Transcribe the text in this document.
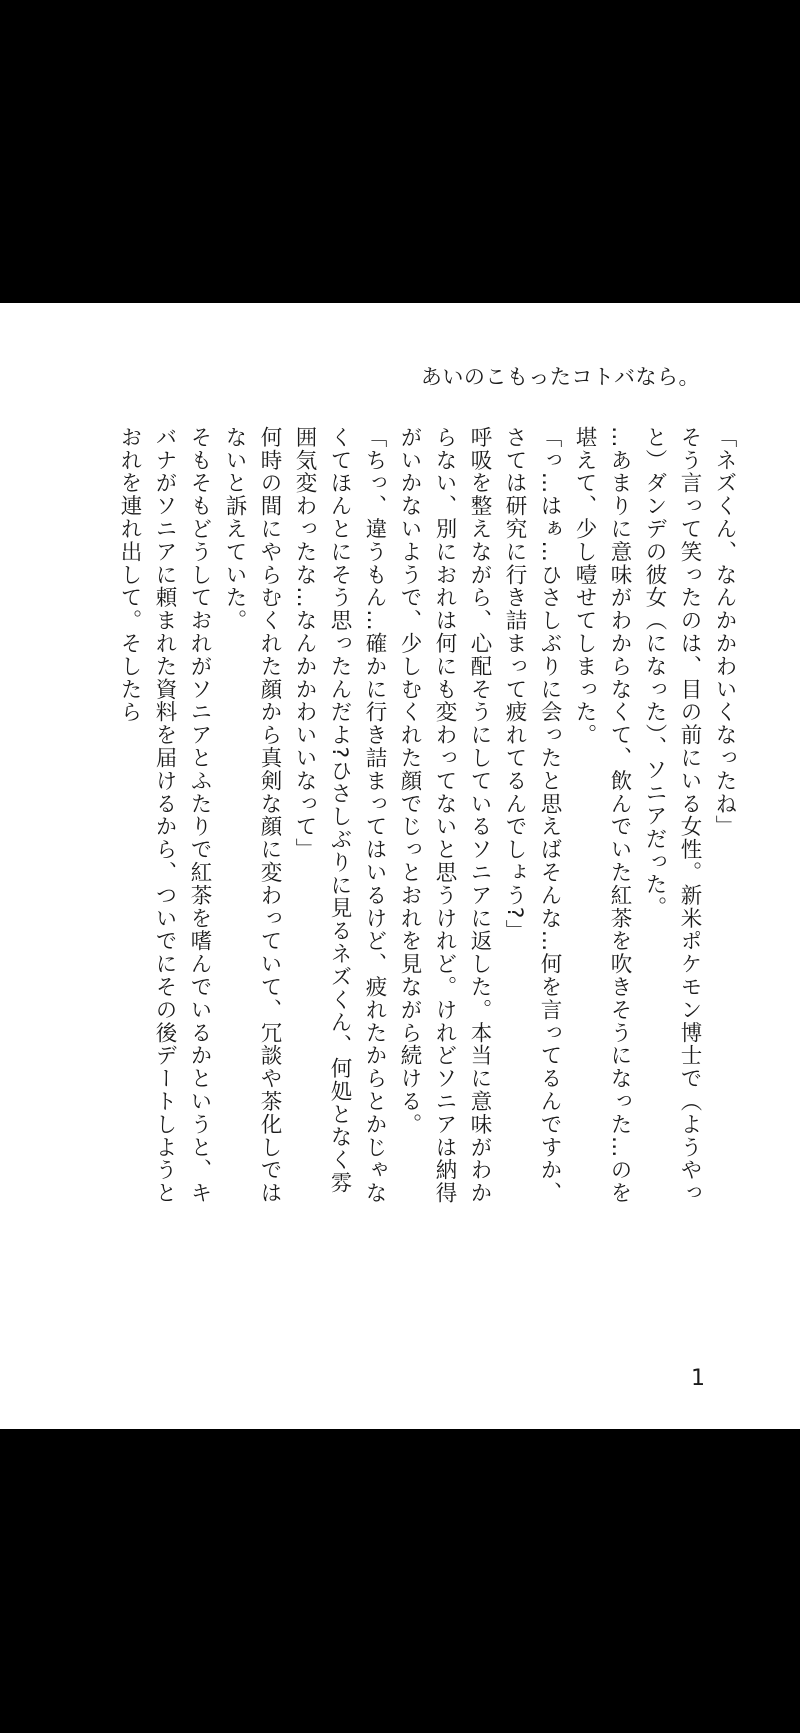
あいのこもったコトバなら。

「ネズくん、なんかかわいくなったね」

そう言って笑ったのは、目の前にいる女性。新米ポケモン博士で（ようやっと）ダンデの彼女（になった）、ソニアだった。

…あまりに意味がわからなくて、飲んでいた紅茶を吹きそうになった…のを堪えて、少し噎せてしまった。

「っ…はぁ…ひさしぶりに会ったと思えばそんな…何を言ってるんですか、さては研究に行き詰まって疲れてるんでしょう?」

呼吸を整えながら、心配そうにしているソニアに返した。本当に意味がわからない、別におれは何にも変わってないと思うけれど。けれどソニアは納得がいかないようで、少しむくれた顔でじっとおれを見ながら続ける。

「ちっ、違うもん…確かに行き詰まってはいるけど、疲れたからとかじゃなくてほんとにそう思ったんだよ?ひさしぶりに見るネズくん、何処となく雰囲気変わったな…なんかかわいいなって」

何時の間にやらむくれた顔から真剣な顔に変わっていて、冗談や茶化しではないと訴えていた。

そもそもどうしておれがソニアとふたりで紅茶を嗜んでいるかというと、キバナがソニアに頼まれた資料を届けるから、ついでにその後デートしようとおれを連れ出して。そしたら

1
